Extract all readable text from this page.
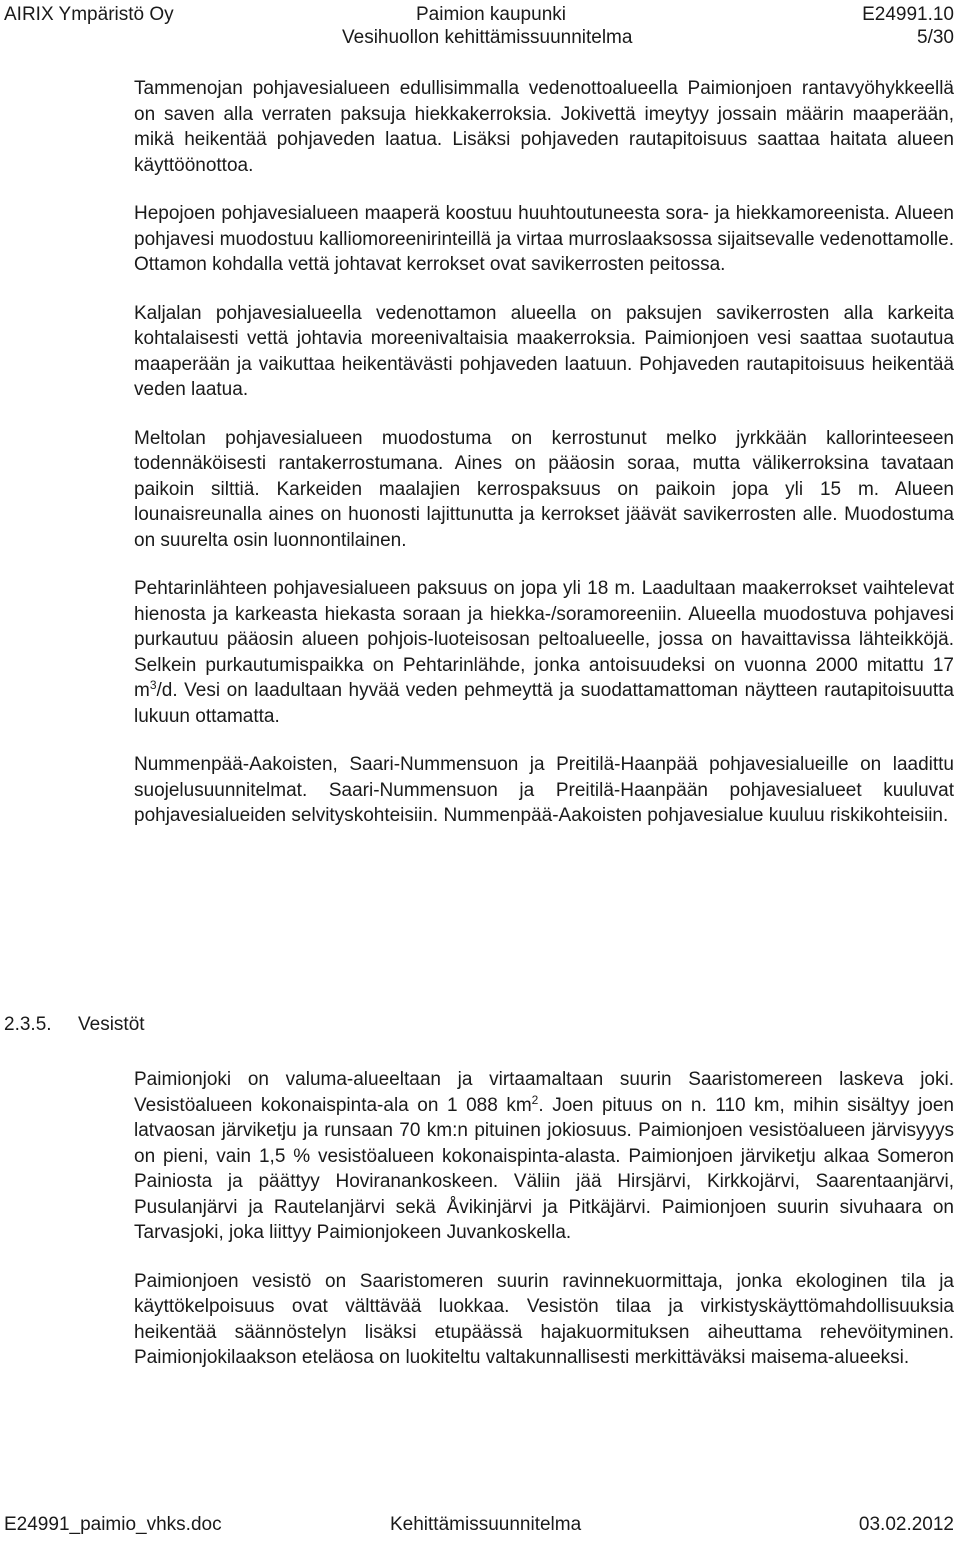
AIRIX Ympäristö Oy	Paimion kaupunki	E24991.10
Vesihuollon kehittämissuunnitelma	5/30

Tammenojan pohjavesialueen edullisimmalla vedenottoalueella Paimionjoen rantavyöhykkeellä on saven alla verraten paksuja hiekkakerroksia. Jokivettä imeytyy jossain määrin maaperään, mikä heikentää pohjaveden laatua. Lisäksi pohjaveden rautapitoisuus saattaa haitata alueen käyttöönottoa.

Hepojoen pohjavesialueen maaperä koostuu huuhtoutuneesta sora- ja hiekkamoreenista. Alueen pohjavesi muodostuu kalliomoreenirinteillä ja virtaa murroslaaksossa sijaitsevalle vedenottamolle. Ottamon kohdalla vettä johtavat kerrokset ovat savikerrosten peitossa.

Kaljalan pohjavesialueella vedenottamon alueella on paksujen savikerrosten alla karkeita kohtalaisesti vettä johtavia moreenivaltaisia maakerroksia. Paimionjoen vesi saattaa suotautua maaperään ja vaikuttaa heikentävästi pohjaveden laatuun. Pohjaveden rautapitoisuus heikentää veden laatua.

Meltolan pohjavesialueen muodostuma on kerrostunut melko jyrkkään kallorinteeseen todennäköisesti rantakerrostumana. Aines on pääosin soraa, mutta välikerroksina tavataan paikoin silttiä. Karkeiden maalajien kerrospaksuus on paikoin jopa yli 15 m. Alueen lounaisreunalla aines on huonosti lajittunutta ja kerrokset jäävät savikerrosten alle. Muodostuma on suurelta osin luonnontilainen.

Pehtarinlähteen pohjavesialueen paksuus on jopa yli 18 m. Laadultaan maakerrokset vaihtelevat hienosta ja karkeasta hiekasta soraan ja hiekka-/soramoreeniin. Alueella muodostuva pohjavesi purkautuu pääosin alueen pohjois-luoteisosan peltoalueelle, jossa on havaittavissa lähteikköjä. Selkein purkautumispaikka on Pehtarinlähde, jonka antoisuudeksi on vuonna 2000 mitattu 17 $m^3/d$. Vesi on laadultaan hyvää veden pehmeyttä ja suodattamattoman näytteen rautapitoisuutta lukuun ottamatta.

Nummenpää-Aakoisten, Saari-Nummensuon ja Preitilä-Haanpää pohjavesialueille on laadittu suojelusuunnitelmat. Saari-Nummensuon ja Preitilä-Haanpään pohjavesialueet kuuluvat pohjavesialueiden selvityskohteisiin. Nummenpää-Aakoisten pohjavesialue kuuluu riskikohteisiin.

2.3.5. Vesistöt

Paimionjoki on valuma-alueeltaan ja virtaamaltaan suurin Saaristomereen laskeva joki. Vesistöalueen kokonaispinta-ala on 1 088 $km^2$. Joen pituus on n. 110 km, mihin sisältyy joen latvaosan järviketju ja runsaan 70 km:n pituinen jokiosuus. Paimionjoen vesistöalueen järvisyyys on pieni, vain 1,5 % vesistöalueen kokonaispinta-alasta. Paimionjoen järviketju alkaa Someron Painiosta ja päättyy Hoviranankoskeen. Väliin jää Hirsjärvi, Kirkkojärvi, Saarentaanjärvi, Pusulanjärvi ja Rautelanjärvi sekä Åvikinjärvi ja Pitkäjärvi. Paimionjoen suurin sivuhaara on Tarvasjoki, joka liittyy Paimionjokeen Juvankoskella.

Paimionjoen vesistö on Saaristomeren suurin ravinnekuormittaja, jonka ekologinen tila ja käyttökelpoisuus ovat välttävää luokkaa. Vesistön tilaa ja virkistyskäyttömahdollisuuksia heikentää säännöstelyn lisäksi etupäässä hajakuormituksen aiheuttama rehevöityminen. Paimionjokilaakson eteläosa on luokiteltu valtakunnallisesti merkittäväksi maisema-alueeksi.

E24991_paimio_vhks.doc	Kehittämissuunnitelma	03.02.2012
